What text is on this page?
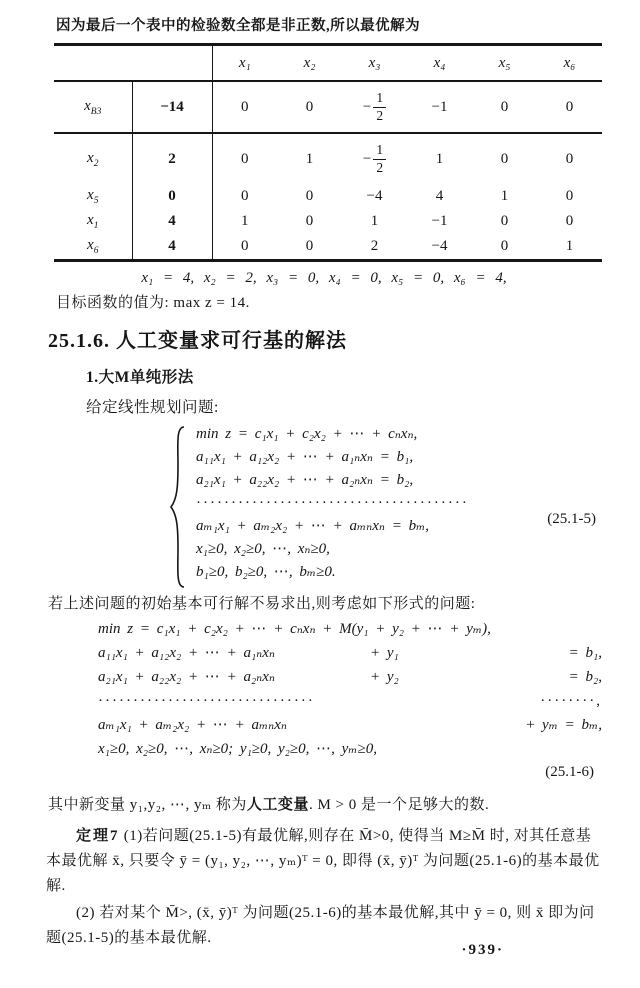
因为最后一个表中的检验数全都是非正数,所以最优解为

		x₁	x₂	x₃	x₄	x₅	x₆
$x_{B3}$	−14	0	0	− $\frac{1}{2}$	−1	0	0
$x_2$	2	0	1	− $\frac{1}{2}$	1	0	0
$x_5$	0	0	0	−4	4	1	0
$x_1$	4	1	0	1	−1	0	0
$x_6$	4	0	0	2	−4	0	1
x₁ = 4, x₂ = 2, x₃ = 0, x₄ = 0, x₅ = 0, x₆ = 4,

目标函数的值为: max z = 14.

25.1.6. 人工变量求可行基的解法

1.大M单纯形法

给定线性规划问题:

min z = c₁x₁ + c₂x₂ + ⋯ + cₙxₙ,
a₁₁x₁ + a₁₂x₂ + ⋯ + a₁ₙxₙ = b₁,
a₂₁x₁ + a₂₂x₂ + ⋯ + a₂ₙxₙ = b₂,
·······································
aₘ₁x₁ + aₘ₂x₂ + ⋯ + aₘₙxₙ = bₘ,
x₁≥0, x₂≥0, ⋯, xₙ≥0,
b₁≥0, b₂≥0, ⋯, bₘ≥0.
(25.1-5)

若上述问题的初始基本可行解不易求出,则考虑如下形式的问题:

min z = c₁x₁ + c₂x₂ + ⋯ + cₙxₙ + M(y₁ + y₂ + ⋯ + yₘ),
a₁₁x₁ + a₁₂x₂ + ⋯ + a₁ₙxₙ	+ y₁	= b₁,
a₂₁x₁ + a₂₂x₂ + ⋯ + a₂ₙxₙ	+ y₂	= b₂,
·······························	········,
aₘ₁x₁ + aₘ₂x₂ + ⋯ + aₘₙxₙ	+ yₘ = bₘ,
x₁≥0, x₂≥0, ⋯, xₙ≥0; y₁≥0, y₂≥0, ⋯, yₘ≥0,
(25.1-6)

其中新变量 y₁,y₂, ⋯, yₘ 称为人工变量. M > 0 是一个足够大的数.

定理7 (1)若问题(25.1-5)有最优解,则存在 M̄>0, 使得当 M≥M̄ 时, 对其任意基本最优解 x̄, 只要令 ȳ = (y₁, y₂, ⋯, yₘ)ᵀ = 0, 即得 (x̄, ȳ)ᵀ 为问题(25.1-6)的基本最优解.

(2) 若对某个 M̄>, (x̄, ȳ)ᵀ 为问题(25.1-6)的基本最优解,其中 ȳ = 0, 则 x̄ 即为问题(25.1-5)的基本最优解.

·939·
